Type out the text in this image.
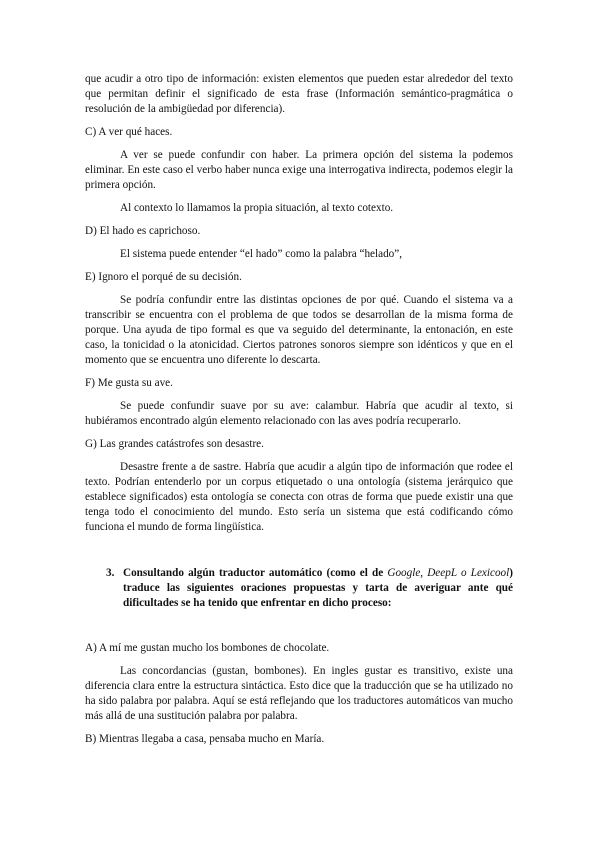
que acudir a otro tipo de información: existen elementos que pueden estar alrededor del texto que permitan definir el significado de esta frase (Información semántico-pragmática o resolución de la ambigüedad por diferencia).

C) A ver qué haces.

A ver se puede confundir con haber. La primera opción del sistema la podemos eliminar. En este caso el verbo haber nunca exige una interrogativa indirecta, podemos elegir la primera opción.

Al contexto lo llamamos la propia situación, al texto cotexto.

D) El hado es caprichoso.

El sistema puede entender “el hado” como la palabra “helado”,

E) Ignoro el porqué de su decisión.

Se podría confundir entre las distintas opciones de por qué. Cuando el sistema va a transcribir se encuentra con el problema de que todos se desarrollan de la misma forma de porque. Una ayuda de tipo formal es que va seguido del determinante, la entonación, en este caso, la tonicidad o la atonicidad. Ciertos patrones sonoros siempre son idénticos y que en el momento que se encuentra uno diferente lo descarta.

F) Me gusta su ave.

Se puede confundir suave por su ave: calambur. Habría que acudir al texto, si hubiéramos encontrado algún elemento relacionado con las aves podría recuperarlo.

G) Las grandes catástrofes son desastre.

Desastre frente a de sastre. Habría que acudir a algún tipo de información que rodee el texto. Podrían entenderlo por un corpus etiquetado o una ontología (sistema jerárquico que establece significados) esta ontología se conecta con otras de forma que puede existir una que tenga todo el conocimiento del mundo. Esto sería un sistema que está codificando cómo funciona el mundo de forma lingüística.

3. Consultando algún traductor automático (como el de Google, DeepL o Lexicool) traduce las siguientes oraciones propuestas y tarta de averiguar ante qué dificultades se ha tenido que enfrentar en dicho proceso:

A) A mí me gustan mucho los bombones de chocolate.

Las concordancias (gustan, bombones). En ingles gustar es transitivo, existe una diferencia clara entre la estructura sintáctica. Esto dice que la traducción que se ha utilizado no ha sido palabra por palabra. Aquí se está reflejando que los traductores automáticos van mucho más allá de una sustitución palabra por palabra.

B) Mientras llegaba a casa, pensaba mucho en María.
